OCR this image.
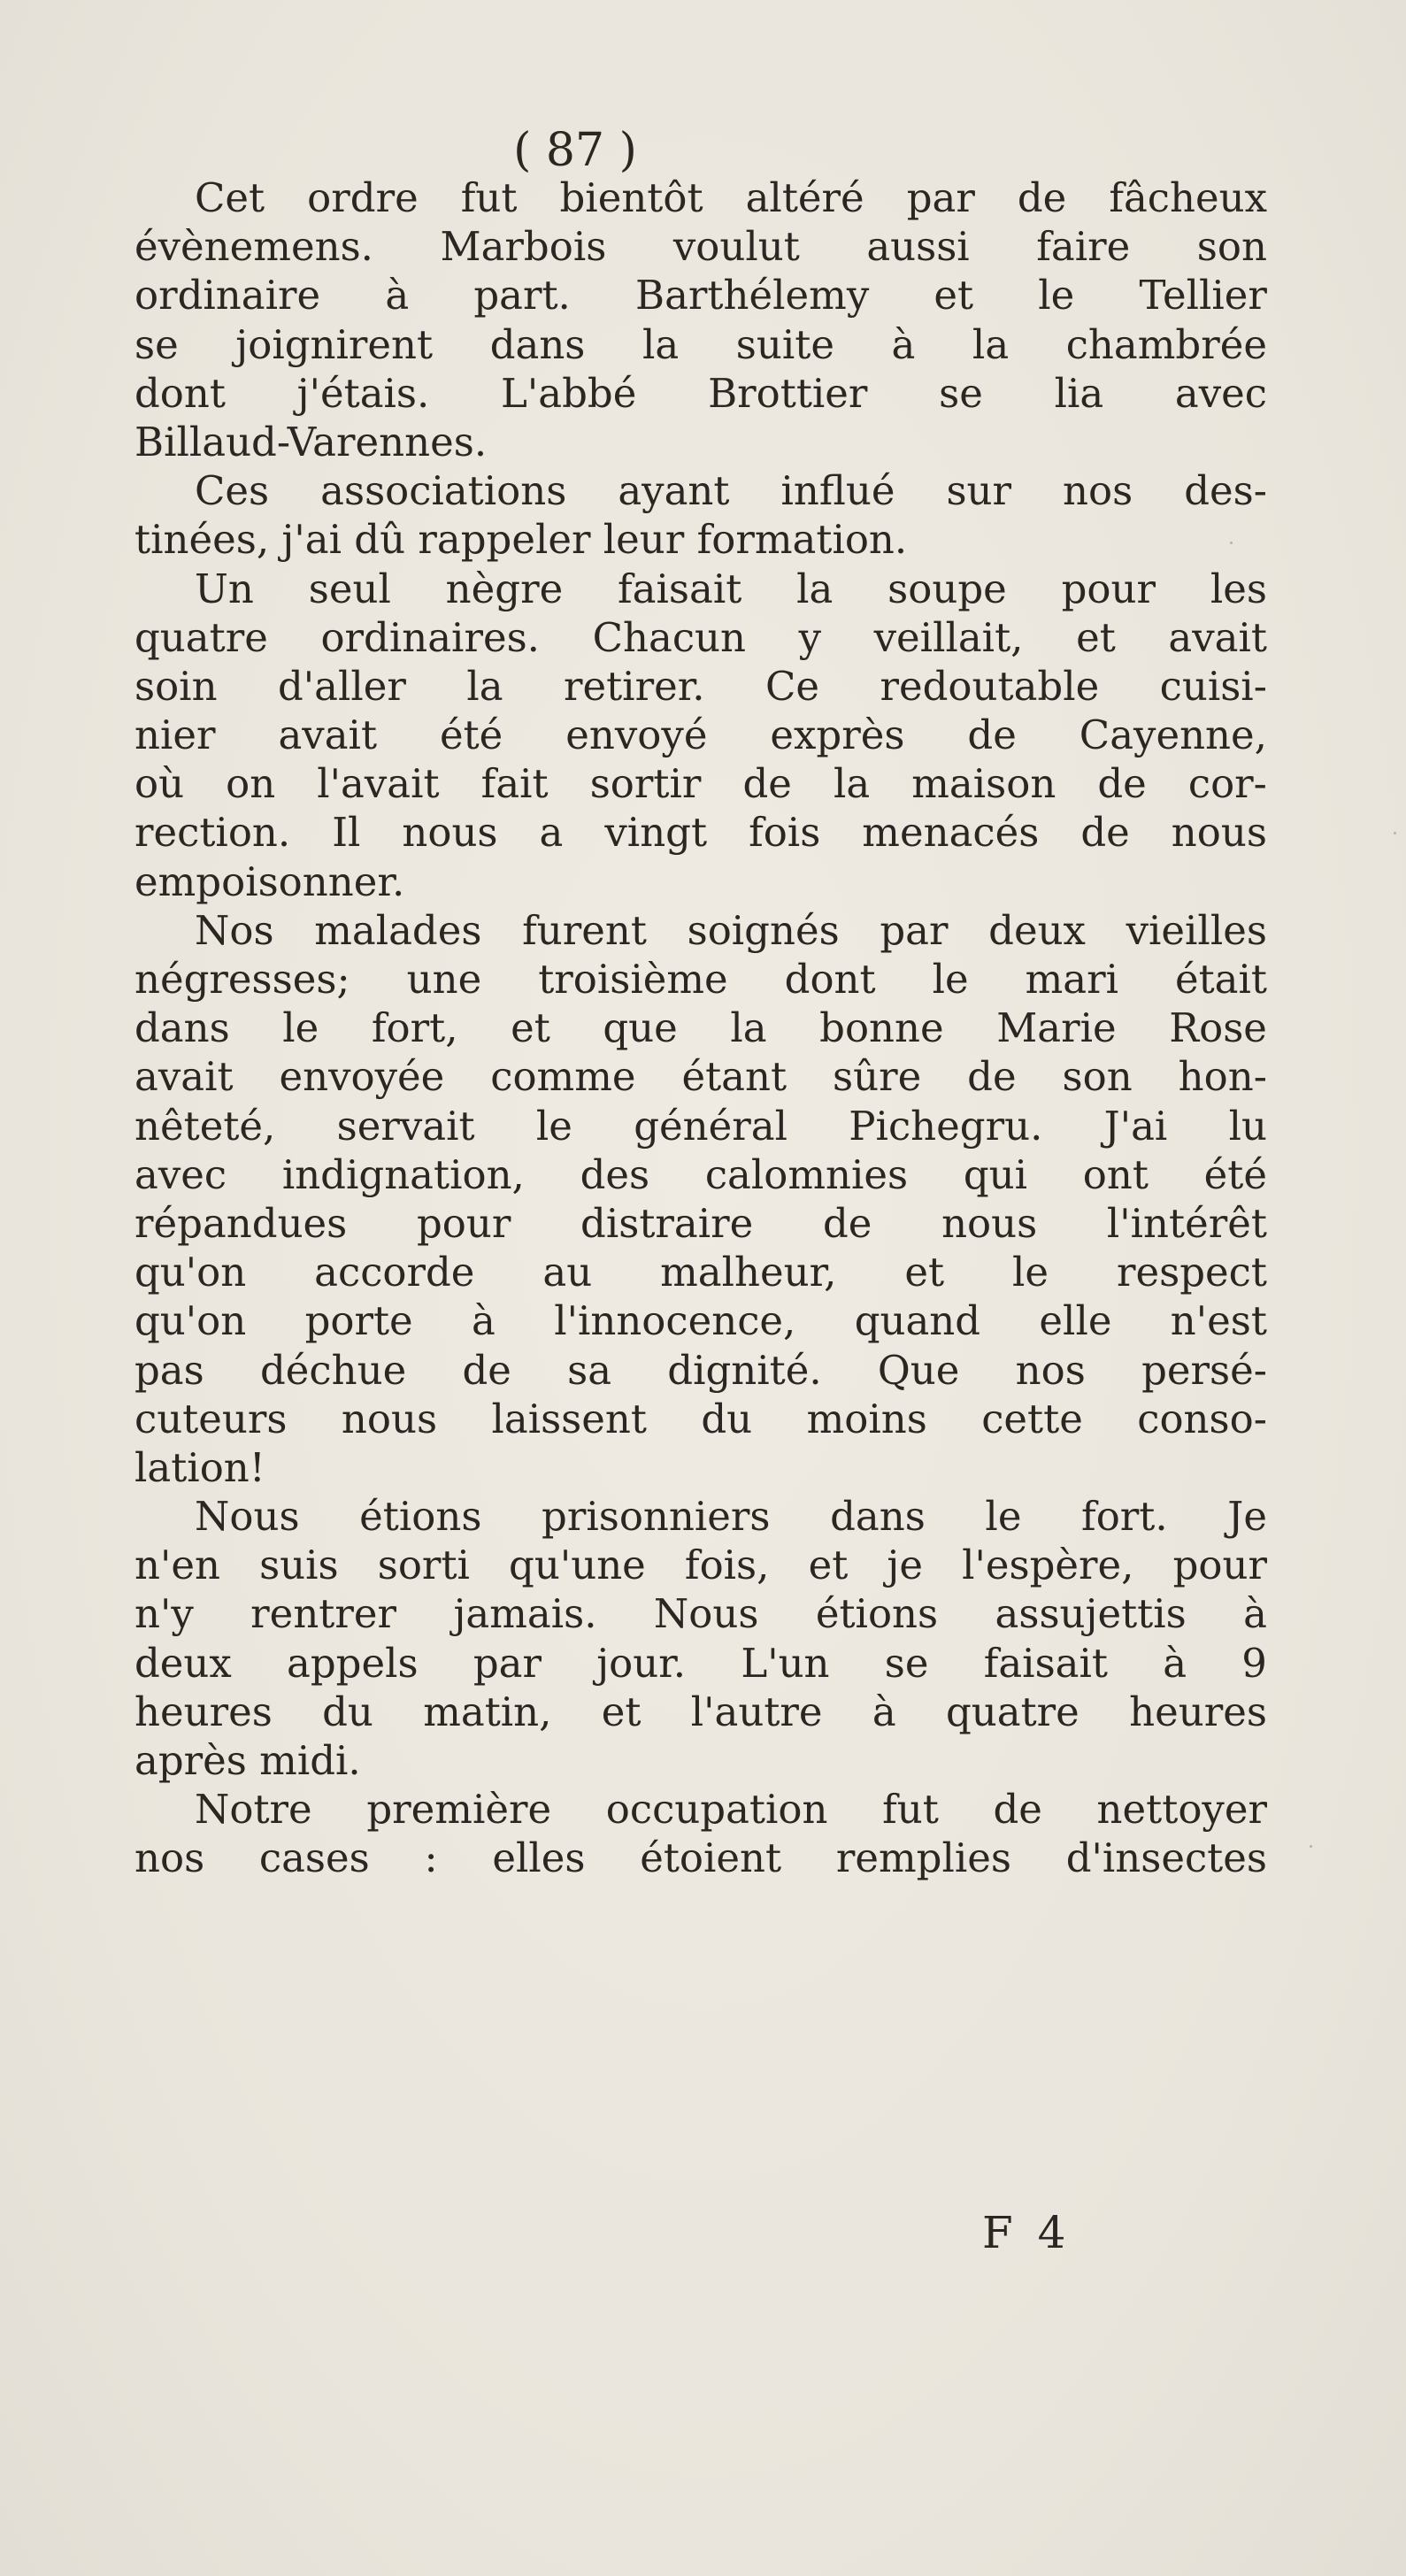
( 87 )
Cet ordre fut bientôt altéré par de fâcheux
évènemens. Marbois voulut aussi faire son
ordinaire à part. Barthélemy et le Tellier
se joignirent dans la suite à la chambrée
dont j'étais. L'abbé Brottier se lia avec
Billaud-Varennes.
Ces associations ayant influé sur nos des-
tinées, j'ai dû rappeler leur formation.
Un seul nègre faisait la soupe pour les
quatre ordinaires. Chacun y veillait, et avait
soin d'aller la retirer. Ce redoutable cuisi-
nier avait été envoyé exprès de Cayenne,
où on l'avait fait sortir de la maison de cor-
rection. Il nous a vingt fois menacés de nous
empoisonner.
Nos malades furent soignés par deux vieilles
négresses; une troisième dont le mari était
dans le fort, et que la bonne Marie Rose
avait envoyée comme étant sûre de son hon-
nêteté, servait le général Pichegru. J'ai lu
avec indignation, des calomnies qui ont été
répandues pour distraire de nous l'intérêt
qu'on accorde au malheur, et le respect
qu'on porte à l'innocence, quand elle n'est
pas déchue de sa dignité. Que nos persé-
cuteurs nous laissent du moins cette conso-
lation!
Nous étions prisonniers dans le fort. Je
n'en suis sorti qu'une fois, et je l'espère, pour
n'y rentrer jamais. Nous étions assujettis à
deux appels par jour. L'un se faisait à 9
heures du matin, et l'autre à quatre heures
après midi.
Notre première occupation fut de nettoyer
nos cases : elles étoient remplies d'insectes
F 4
